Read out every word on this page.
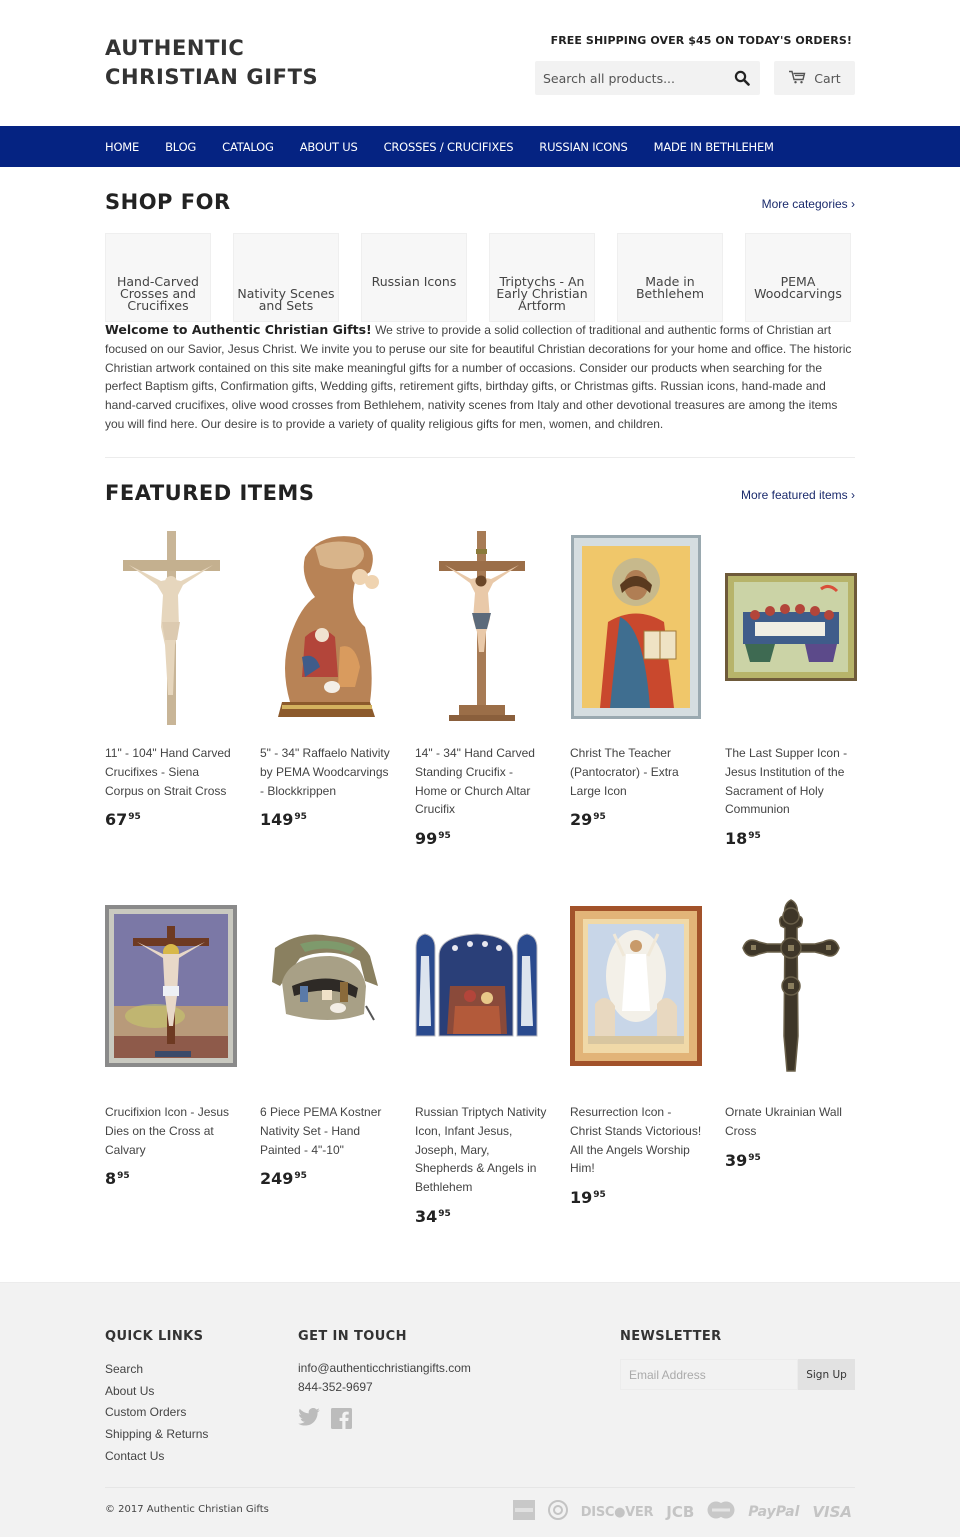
AUTHENTIC
CHRISTIAN GIFTS
FREE SHIPPING OVER $45 ON TODAY'S ORDERS!
Search all products...
Cart
HOME BLOG CATALOG ABOUT US CROSSES / CRUCIFIXES RUSSIAN ICONS MADE IN BETHLEHEM
SHOP FOR	More categories ›
Hand-Carved Crosses and Crucifixes
Nativity Scenes and Sets
Russian Icons	Triptychs - An Early Christian Artform
Made in Bethlehem
PEMA Woodcarvings

Welcome to Authentic Christian Gifts! We strive to provide a solid collection of traditional and authentic forms of Christian art focused on our Savior, Jesus Christ. We invite you to peruse our site for beautiful Christian decorations for your home and office. The historic Christian artwork contained on this site make meaningful gifts for a number of occasions. Consider our products when searching for the perfect Baptism gifts, Confirmation gifts, Wedding gifts, retirement gifts, birthday gifts, or Christmas gifts. Russian icons, hand-made and hand-carved crucifixes, olive wood crosses from Bethlehem, nativity scenes from Italy and other devotional treasures are among the items you will find here. Our desire is to provide a variety of quality religious gifts for men, women, and children.

FEATURED ITEMS	More featured items ›
11" - 104" Hand Carved Crucifixes - Siena Corpus on Strait Cross
$67^{95}$
5" - 34" Raffaelo Nativity by PEMA Woodcarvings - Blockkrippen
$149^{95}$
14" - 34" Hand Carved Standing Crucifix - Home or Church Altar Crucifix
$99^{95}$
Christ The Teacher (Pantocrator) - Extra Large Icon
$29^{95}$
The Last Supper Icon - Jesus Institution of the Sacrament of Holy Communion
$18^{95}$
Crucifixion Icon - Jesus Dies on the Cross at Calvary
$8^{95}$
6 Piece PEMA Kostner Nativity Set - Hand Painted - 4"-10"
$249^{95}$
Russian Triptych Nativity Icon, Infant Jesus, Joseph, Mary, Shepherds & Angels in Bethlehem
$34^{95}$
Resurrection Icon - Christ Stands Victorious! All the Angels Worship Him!
$19^{95}$
Ornate Ukrainian Wall Cross
$39^{95}$
QUICK LINKS
Search
About Us
Custom Orders
Shipping & Returns
Contact Us
GET IN TOUCH
info@authenticchristiangifts.com
844-352-9697
NEWSLETTER
Email Address
Sign Up
© 2017 Authentic Christian Gifts	DISC●VER JCB	PayPal VISA
